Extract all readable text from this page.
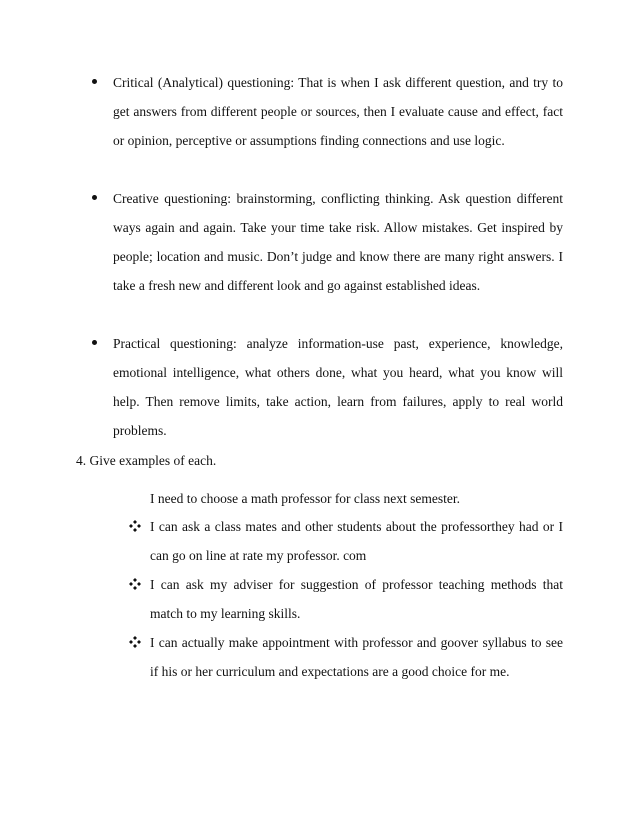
Critical (Analytical) questioning: That is when I ask different question, and try to get answers from different people or sources, then I evaluate cause and effect, fact or opinion, perceptive or assumptions finding connections and use logic.
Creative questioning: brainstorming, conflicting thinking. Ask question different ways again and again. Take your time take risk. Allow mistakes. Get inspired by people; location and music. Don’t judge and know there are many right answers. I take a fresh new and different look and go against established ideas.
Practical questioning: analyze information-use past, experience, knowledge, emotional intelligence, what others done, what you heard, what you know will help. Then remove limits, take action, learn from failures, apply to real world problems.
4. Give examples of each.
I need to choose a math professor for class next semester.
I can ask a class mates and other students about the professorthey had or I can go on line at rate my professor. com
I can ask my adviser for suggestion of professor teaching methods that match to my learning skills.
I can actually make appointment with professor and goover syllabus to see if his or her curriculum and expectations are a good choice for me.
